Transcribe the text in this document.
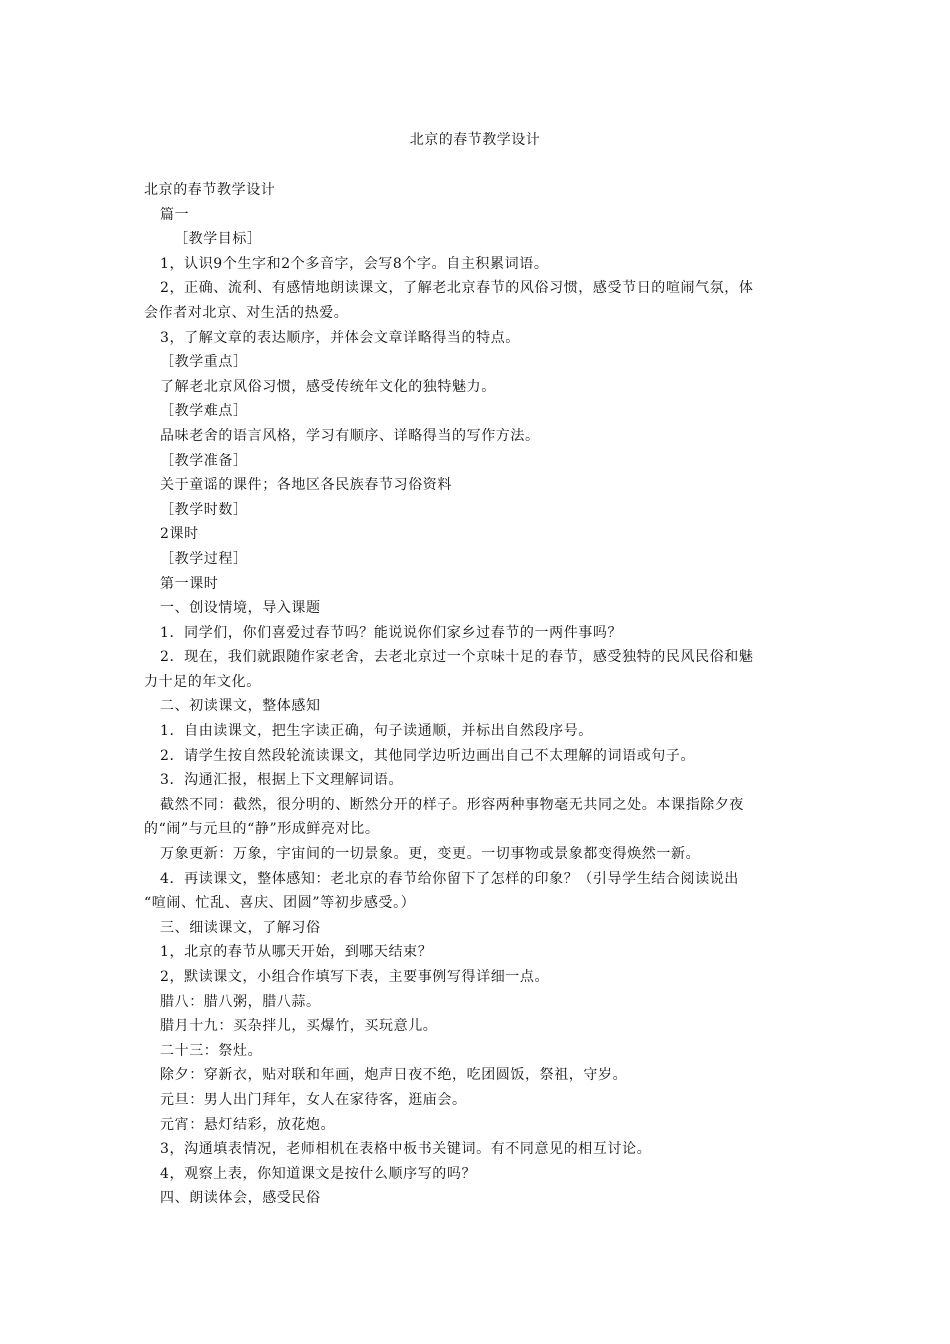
北京的春节教学设计

北京的春节教学设计

篇一

［教学目标］

1，认识9个生字和2个多音字，会写8个字。自主积累词语。

2，正确、流利、有感情地朗读课文，了解老北京春节的风俗习惯，感受节日的喧闹气氛，体

会作者对北京、对生活的热爱。

3，了解文章的表达顺序，并体会文章详略得当的特点。

［教学重点］

了解老北京风俗习惯，感受传统年文化的独特魅力。

［教学难点］

品味老舍的语言风格，学习有顺序、详略得当的写作方法。

［教学准备］

关于童谣的课件；各地区各民族春节习俗资料

［教学时数］

2课时

［教学过程］

第一课时

一、创设情境，导入课题

1．同学们，你们喜爱过春节吗？能说说你们家乡过春节的一两件事吗？

2．现在，我们就跟随作家老舍，去老北京过一个京味十足的春节，感受独特的民风民俗和魅

力十足的年文化。

二、初读课文，整体感知

1．自由读课文，把生字读正确，句子读通顺，并标出自然段序号。

2．请学生按自然段轮流读课文，其他同学边听边画出自己不太理解的词语或句子。

3．沟通汇报，根据上下文理解词语。

截然不同：截然，很分明的、断然分开的样子。形容两种事物毫无共同之处。本课指除夕夜

的“闹”与元旦的“静”形成鲜亮对比。

万象更新：万象，宇宙间的一切景象。更，变更。一切事物或景象都变得焕然一新。

4．再读课文，整体感知：老北京的春节给你留下了怎样的印象？（引导学生结合阅读说出

“喧闹、忙乱、喜庆、团圆”等初步感受。）

三、细读课文，了解习俗

1，北京的春节从哪天开始，到哪天结束？

2，默读课文，小组合作填写下表，主要事例写得详细一点。

腊八：腊八粥，腊八蒜。

腊月十九：买杂拌儿，买爆竹，买玩意儿。

二十三：祭灶。

除夕：穿新衣，贴对联和年画，炮声日夜不绝，吃团圆饭，祭祖，守岁。

元旦：男人出门拜年，女人在家待客，逛庙会。

元宵：悬灯结彩，放花炮。

3，沟通填表情况，老师相机在表格中板书关键词。有不同意见的相互讨论。

4，观察上表，你知道课文是按什么顺序写的吗？

四、朗读体会，感受民俗
